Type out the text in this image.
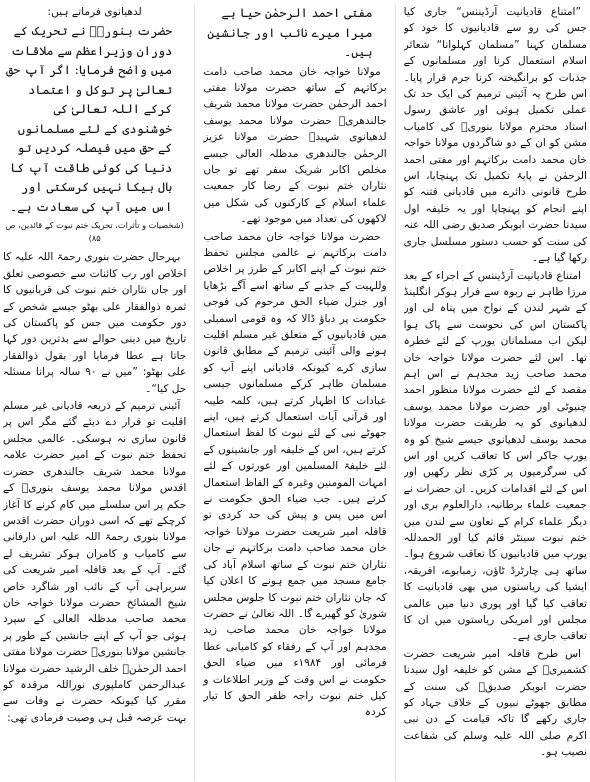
لدھیانوی فرماتے ہیں:

حضرت بنوریؒ نے تحریک کے دوران وزیراعظم سے ملاقات میں واضح فرمایا: اگر آپ حق تعالیٰ پر توکل و اعتماد کرکے اللہ تعالیٰ کی خوشنودی کے لئے مسلمانوں کے حق میں فیصلہ کردیں تو دنیا کی کوئی طاقت آپ کا بال بیکا نہیں کرسکتی اور اس میں آپ کی سعادت ہے۔

(شخصیات و تأثرات، تحریک ختم نبوت کے قائدین، ص ۸۵)

بہرحال حضرت بنوری رحمۃ اللہ علیہ کا اخلاص اور رب کائنات سے خصوصی تعلق اور جاں نثاران ختم نبوت کی قربانیوں کا ثمرہ ذوالفقار علی بھٹو جیسے شخص کے دور حکومت میں جس کو پاکستان کی تاریخ میں دینی حوالے سے بدترین دور کہا جاتا ہے عطا فرمایا اور بقول ذوالفقار علی بھٹو: ”میں نے ۹۰ سالہ پرانا مسئلہ حل کیا“۔

آئینی ترمیم کے ذریعہ قادیانی غیر مسلم اقلیت تو قرار دے دیئے گئے مگر اس پر قانون سازی نہ ہوسکی۔ عالمی مجلس تحفظ ختم نبوت کے امیر حضرت علامہ مولانا محمد شریف جالندھری حضرت اقدس مولانا محمد یوسف بنوریؒ کے حکم پر اس سلسلے میں کام کرنے کا آغاز کرچکے تھے کہ اسی دوران حضرت اقدس مولانا بنوری رحمۃ اللہ علیہ اس دارفانی سے کامیاب و کامران ہوکر تشریف لے گئے۔ آپ کے بعد قافلہ امیر شریعت کی سربراہی آپ کے نائب اور شاگرد خاص شیخ المشائخ حضرت مولانا خواجہ خان محمد صاحب مدظلہ العالی کے سپرد ہوئی جو آپ کے اپنے جانشین کے طور پر جانشین مولانا بنوریؒ حضرت مولانا مفتی احمد الرحمٰنؒ خلف الرشید حضرت مولانا عبدالرحمن کاملپوری نوراللہ مرقدہ کو مقرر کیا کیونکہ حضرت نے وفات سے بہت عرصہ قبل ہی وصیت فرمادی تھی:

مفتی احمد الرحمٰن حیا ہے میرا میرے نائب اور جانشین ہیں۔

مولانا خواجہ خان محمد صاحب دامت برکاتہم کے ساتھ حضرت مولانا مفتی احمد الرحمٰن حضرت مولانا محمد شریف جالندھریؒ حضرت مولانا محمد یوسف لدھیانوی شہیدؒ حضرت مولانا عزیز الرحمٰن جالندھری مدظلہ العالی جیسے مخلص اکابر شریک سفر تھے تو جاں نثاران ختم نبوت کے رضا کار جمعیت علماء اسلام کے کارکنوں کی شکل میں لاکھوں کی تعداد میں موجود تھے۔

حضرت مولانا خواجہ خان محمد صاحب دامت برکاتہم نے عالمی مجلس تحفظ ختم نبوت کے اپنے اکابر کے طرز پر اخلاص وللہیت کے جذبے کے ساتھ اسے آگے بڑھایا اور جنرل ضیاء الحق مرحوم کی فوجی حکومت پر دباؤ ڈالا کہ وہ قومی اسمبلی میں قادیانیوں کے متعلق غیر مسلم اقلیت ہونے والی آئینی ترمیم کے مطابق قانون سازی کرے کیونکہ قادیانی اپنے آپ کو مسلمان ظاہر کرکے مسلمانوں جیسی عبادات کا اظہار کرتے ہیں، کلمہ طیبہ اور قرآنی آیات استعمال کرتے ہیں، اپنے جھوٹے نبی کے لئے نبوت کا لفظ استعمال کرتے ہیں، اس کے خلیفہ اور جانشینوں کے لئے خلیفۃ المسلمین اور عورتوں کے لئے امہات المومنین وغیرہ کے الفاظ استعمال کرتے ہیں۔ جب ضیاء الحق حکومت نے اس میں پس و پیش کی حد کردی تو قافلہ امیر شریعت حضرت مولانا خواجہ خان محمد صاحب دامت برکاتہم نے جان نثاران ختم نبوت کے ساتھ اسلام آباد کی جامع مسجد میں جمع ہونے کا اعلان کیا کہ جان نثاران ختم نبوت کا جلوس مجلس شوریٰ کو گھیرے گا۔ اللہ تعالیٰ نے حضرت مولانا خواجہ خان محمد صاحب زید مجدہم اور آپ کے رفقاء کو کامیابی عطا فرمائی اور ۱۹۸۴ء میں ضیاء الحق حکومت نے اس وقت کے وزیر اطلاعات و کیل ختم نبوت راجہ ظفر الحق کا تیار کردہ

”امتناع قادیانیت آرڈیننس“ جاری کیا جس کی رو سے قادیانیوں کا خود کو مسلمان کہنا ”مسلمان کہلوانا“ شعائر اسلام استعمال کرنا اور مسلمانوں کے جذبات کو برانگیختہ کرنا جرم قرار پایا۔ اس طرح یہ آئینی ترمیم کی ایک حد تک عملی تکمیل ہوئی اور عاشق رسول استاد محترم مولانا بنوریؒ کی کامیاب مشن کو ان کے دو شاگردوں مولانا خواجہ خان محمد دامت برکاتہم اور مفتی احمد الرحمٰن نے پایۂ تکمیل تک پہنچایا، اس طرح قانونی دائرے میں قادیانی فتنہ کو اپنے انجام کو پہنچایا اور یہ خلیفہ اول سیدنا حضرت ابوبکر صدیق رضی اللہ عنہ کی سنت کو حسب دستور مسلسل جاری رکھا گیا ہے۔

امتناع قادیانیت آرڈیننس کے اجراء کے بعد مرزا طاہر نے ربوہ سے فرار ہوکر انگلینڈ کے شہر لندن کے نواح میں پناہ لی اور پاکستان اس کی نحوست سے پاک ہوا لیکن اب مسلمانان یورپ کے لئے خطرہ تھا۔ اس لئے حضرت مولانا خواجہ خان محمد صاحب زید مجدہم نے اس اہم مقصد کے لئے حضرت مولانا منظور احمد چنیوٹی اور حضرت مولانا محمد یوسف لدھیانوی کو یہ طریقت حضرت مولانا محمد یوسف لدھیانوی جیسے شیخ کو وہ یورپ جاکر اس کا تعاقب کریں اور اس کی سرگرمیوں پر کڑی نظر رکھیں اور اس کے لئے اقدامات کریں۔ ان حضرات نے جمعیت علماء برطانیہ، دارالعلوم بری اور دیگر علماء کرام کے تعاون سے لندن میں ختم نبوت سینٹر قائم کیا اور الحمدللہ یورپ میں قادیانیوں کا تعاقب شروع ہوا۔ ساتھ ہی چارٹرڈ ٹاؤن، زمبابوے، افریقہ، ایشیا کی ریاستوں میں بھی قادیانیت کا تعاقب کیا گیا اور پوری دنیا میں عالمی مجلس اور امریکی ریاستوں میں ان کا تعاقب جاری ہے۔

اس طرح قافلہ امیر شریعت حضرت کشمیریؒ کے مشن کو خلیفہ اول سیدنا حضرت ابوبکر صدیقؓ کی سنت کے مطابق جھوٹے نبیوں کے خلاف جہاد کو جاری رکھے گا تاکہ قیامت کے دن نبی اکرم صلی اللہ علیہ وسلم کی شفاعت نصیب ہو۔
